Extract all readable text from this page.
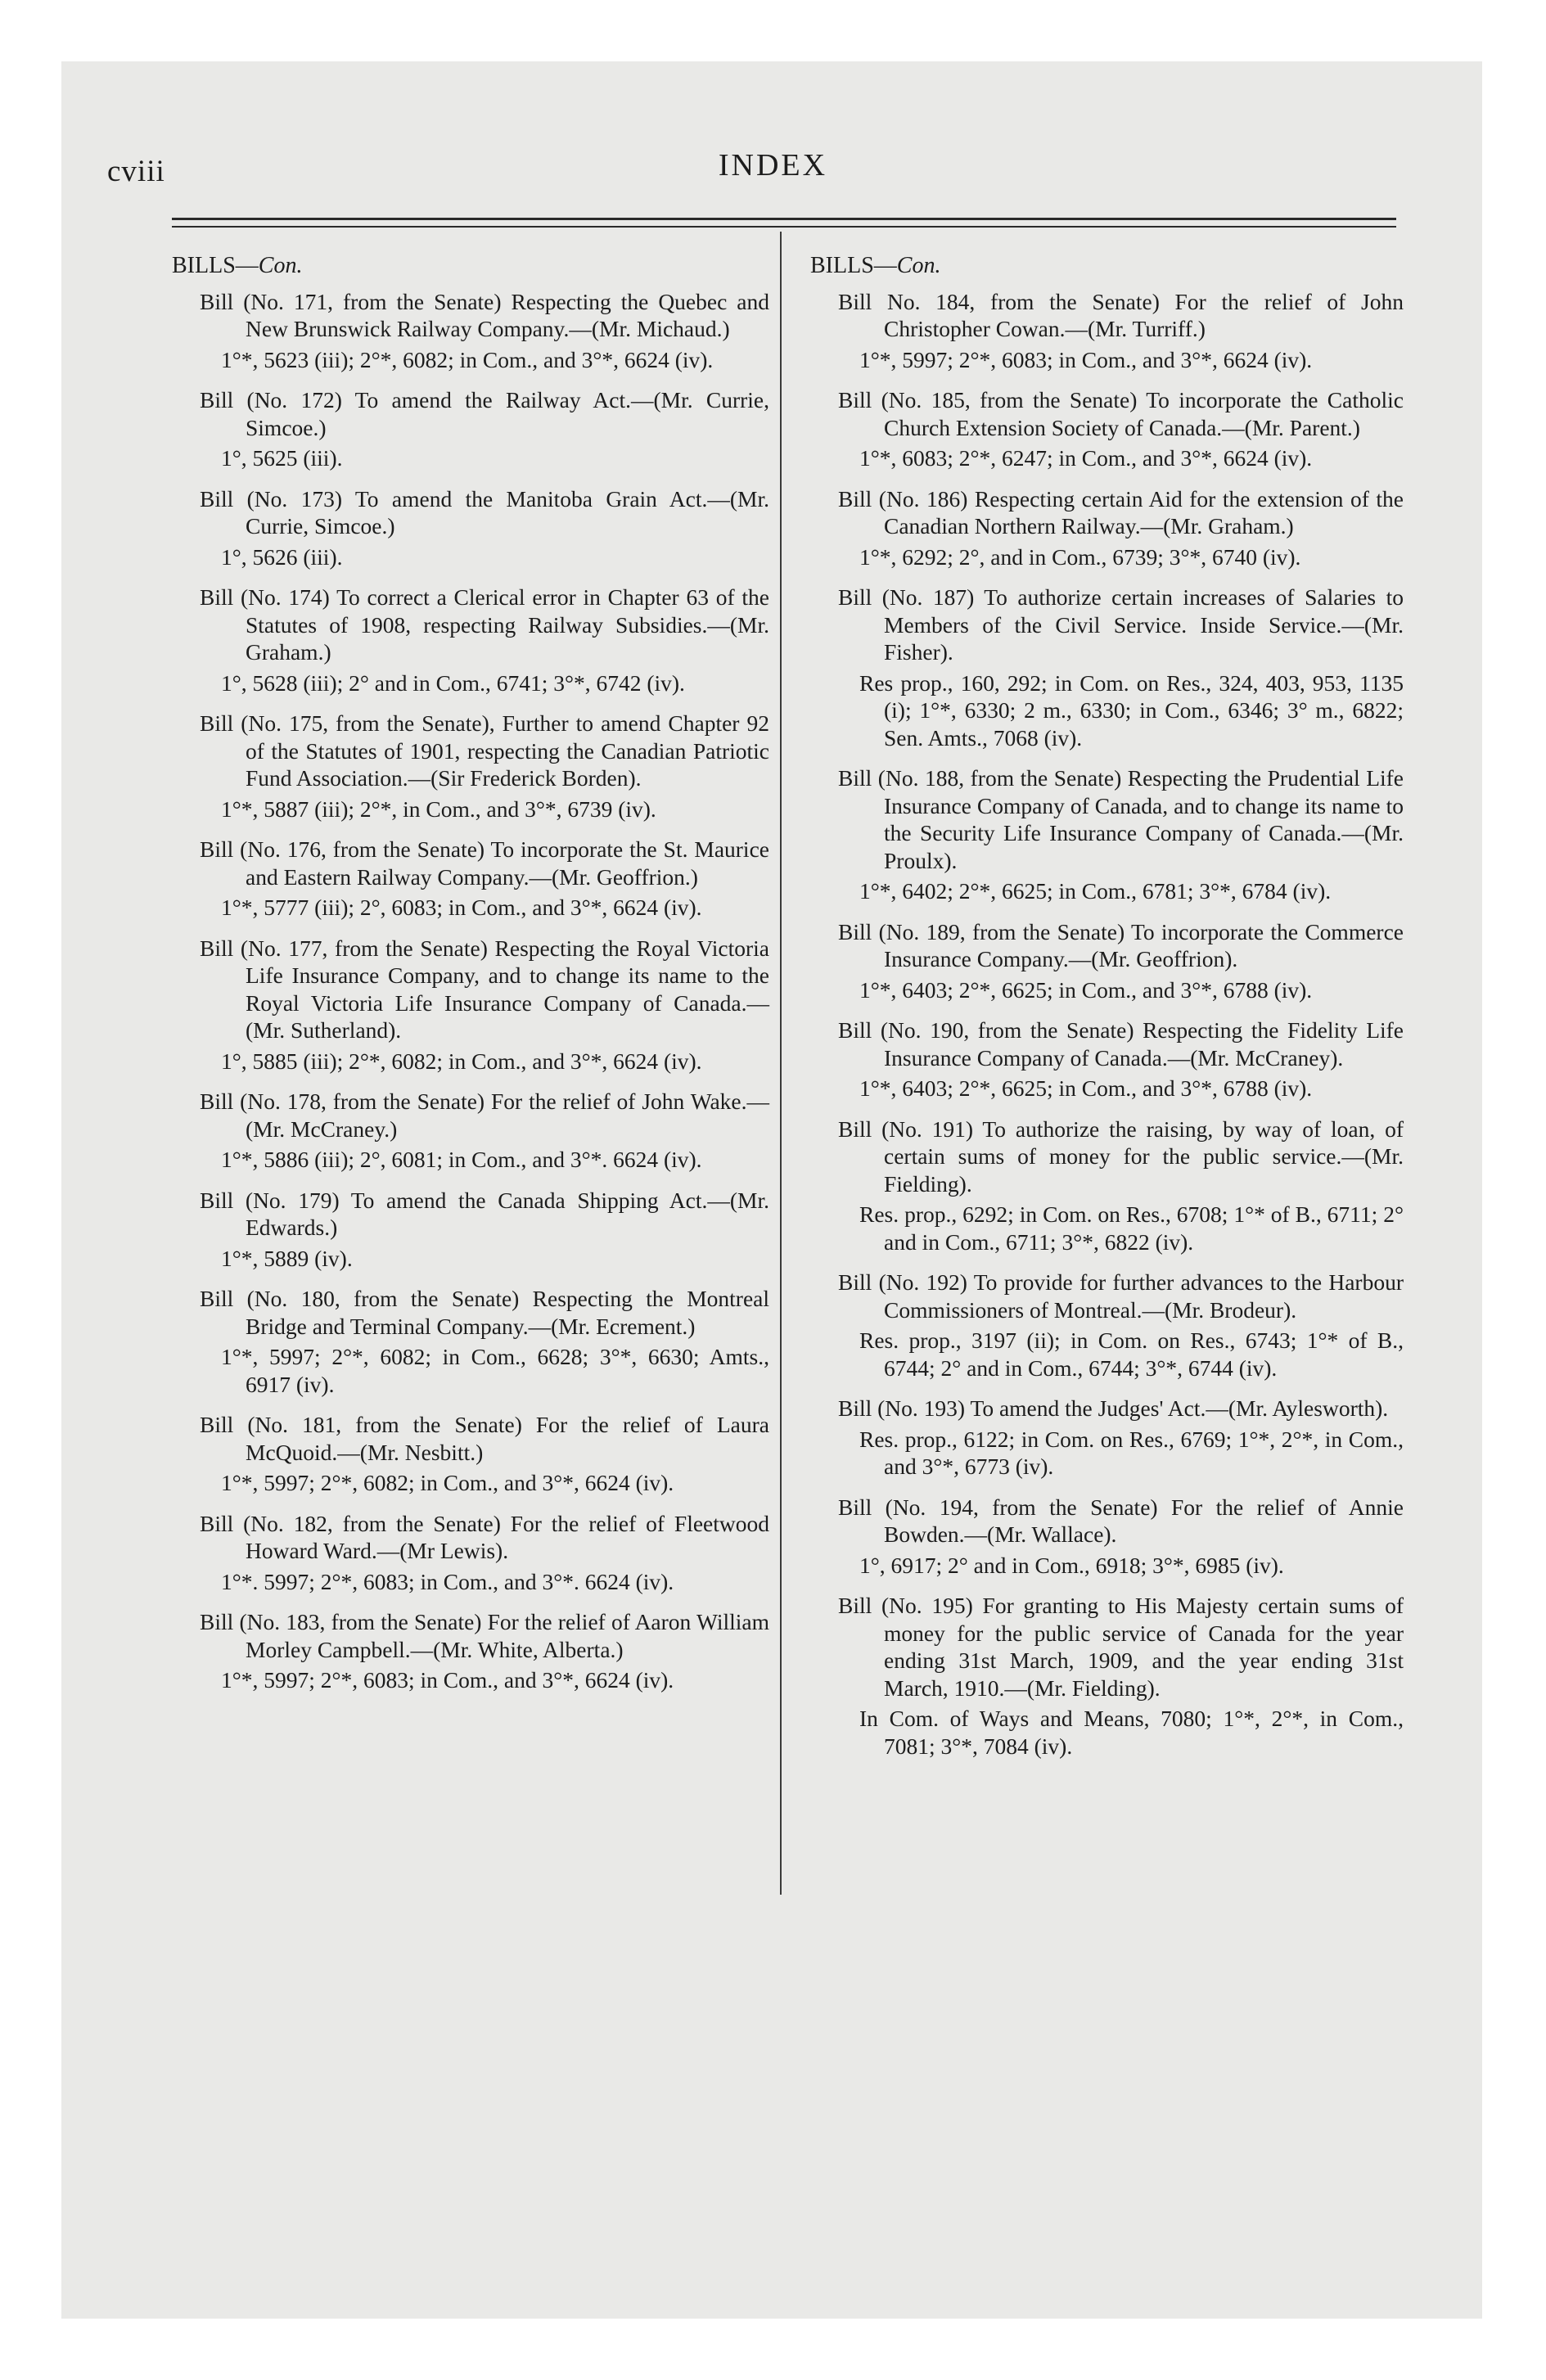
cviii	INDEX
BILLS—Con.
Bill (No. 171, from the Senate) Respecting the Quebec and New Brunswick Railway Company.—(Mr. Michaud.)
1°*, 5623 (iii); 2°*, 6082; in Com., and 3°*, 6624 (iv).
Bill (No. 172) To amend the Railway Act.—(Mr. Currie, Simcoe.)
1°, 5625 (iii).
Bill (No. 173) To amend the Manitoba Grain Act.—(Mr. Currie, Simcoe.)
1°, 5626 (iii).
Bill (No. 174) To correct a Clerical error in Chapter 63 of the Statutes of 1908, respecting Railway Subsidies.—(Mr. Graham.)
1°, 5628 (iii); 2° and in Com., 6741; 3°*, 6742 (iv).
Bill (No. 175, from the Senate), Further to amend Chapter 92 of the Statutes of 1901, respecting the Canadian Patriotic Fund Association.—(Sir Frederick Borden).
1°*, 5887 (iii); 2°*, in Com., and 3°*, 6739 (iv).
Bill (No. 176, from the Senate) To incorporate the St. Maurice and Eastern Railway Company.—(Mr. Geoffrion.)
1°*, 5777 (iii); 2°, 6083; in Com., and 3°*, 6624 (iv).
Bill (No. 177, from the Senate) Respecting the Royal Victoria Life Insurance Company, and to change its name to the Royal Victoria Life Insurance Company of Canada.—(Mr. Sutherland).
1°, 5885 (iii); 2°*, 6082; in Com., and 3°*, 6624 (iv).
Bill (No. 178, from the Senate) For the relief of John Wake.—(Mr. McCraney.)
1°*, 5886 (iii); 2°, 6081; in Com., and 3°*. 6624 (iv).
Bill (No. 179) To amend the Canada Shipping Act.—(Mr. Edwards.)
1°*, 5889 (iv).
Bill (No. 180, from the Senate) Respecting the Montreal Bridge and Terminal Company.—(Mr. Ecrement.)
1°*, 5997; 2°*, 6082; in Com., 6628; 3°*, 6630; Amts., 6917 (iv).
Bill (No. 181, from the Senate) For the relief of Laura McQuoid.—(Mr. Nesbitt.)
1°*, 5997; 2°*, 6082; in Com., and 3°*, 6624 (iv).
Bill (No. 182, from the Senate) For the relief of Fleetwood Howard Ward.—(Mr Lewis).
1°*. 5997; 2°*, 6083; in Com., and 3°*. 6624 (iv).
Bill (No. 183, from the Senate) For the relief of Aaron William Morley Campbell.—(Mr. White, Alberta.)
1°*, 5997; 2°*, 6083; in Com., and 3°*, 6624 (iv).
BILLS—Con.
Bill No. 184, from the Senate) For the relief of John Christopher Cowan.—(Mr. Turriff.)
1°*, 5997; 2°*, 6083; in Com., and 3°*, 6624 (iv).
Bill (No. 185, from the Senate) To incorporate the Catholic Church Extension Society of Canada.—(Mr. Parent.)
1°*, 6083; 2°*, 6247; in Com., and 3°*, 6624 (iv).
Bill (No. 186) Respecting certain Aid for the extension of the Canadian Northern Railway.—(Mr. Graham.)
1°*, 6292; 2°, and in Com., 6739; 3°*, 6740 (iv).
Bill (No. 187) To authorize certain increases of Salaries to Members of the Civil Service. Inside Service.—(Mr. Fisher).
Res prop., 160, 292; in Com. on Res., 324, 403, 953, 1135 (i); 1°*, 6330; 2 m., 6330; in Com., 6346; 3° m., 6822; Sen. Amts., 7068 (iv).
Bill (No. 188, from the Senate) Respecting the Prudential Life Insurance Company of Canada, and to change its name to the Security Life Insurance Company of Canada.—(Mr. Proulx).
1°*, 6402; 2°*, 6625; in Com., 6781; 3°*, 6784 (iv).
Bill (No. 189, from the Senate) To incorporate the Commerce Insurance Company.—(Mr. Geoffrion).
1°*, 6403; 2°*, 6625; in Com., and 3°*, 6788 (iv).
Bill (No. 190, from the Senate) Respecting the Fidelity Life Insurance Company of Canada.—(Mr. McCraney).
1°*, 6403; 2°*, 6625; in Com., and 3°*, 6788 (iv).
Bill (No. 191) To authorize the raising, by way of loan, of certain sums of money for the public service.—(Mr. Fielding).
Res. prop., 6292; in Com. on Res., 6708; 1°* of B., 6711; 2° and in Com., 6711; 3°*, 6822 (iv).
Bill (No. 192) To provide for further advances to the Harbour Commissioners of Montreal.—(Mr. Brodeur).
Res. prop., 3197 (ii); in Com. on Res., 6743; 1°* of B., 6744; 2° and in Com., 6744; 3°*, 6744 (iv).
Bill (No. 193) To amend the Judges' Act.—(Mr. Aylesworth).
Res. prop., 6122; in Com. on Res., 6769; 1°*, 2°*, in Com., and 3°*, 6773 (iv).
Bill (No. 194, from the Senate) For the relief of Annie Bowden.—(Mr. Wallace).
1°, 6917; 2° and in Com., 6918; 3°*, 6985 (iv).
Bill (No. 195) For granting to His Majesty certain sums of money for the public service of Canada for the year ending 31st March, 1909, and the year ending 31st March, 1910.—(Mr. Fielding).
In Com. of Ways and Means, 7080; 1°*, 2°*, in Com., 7081; 3°*, 7084 (iv).
